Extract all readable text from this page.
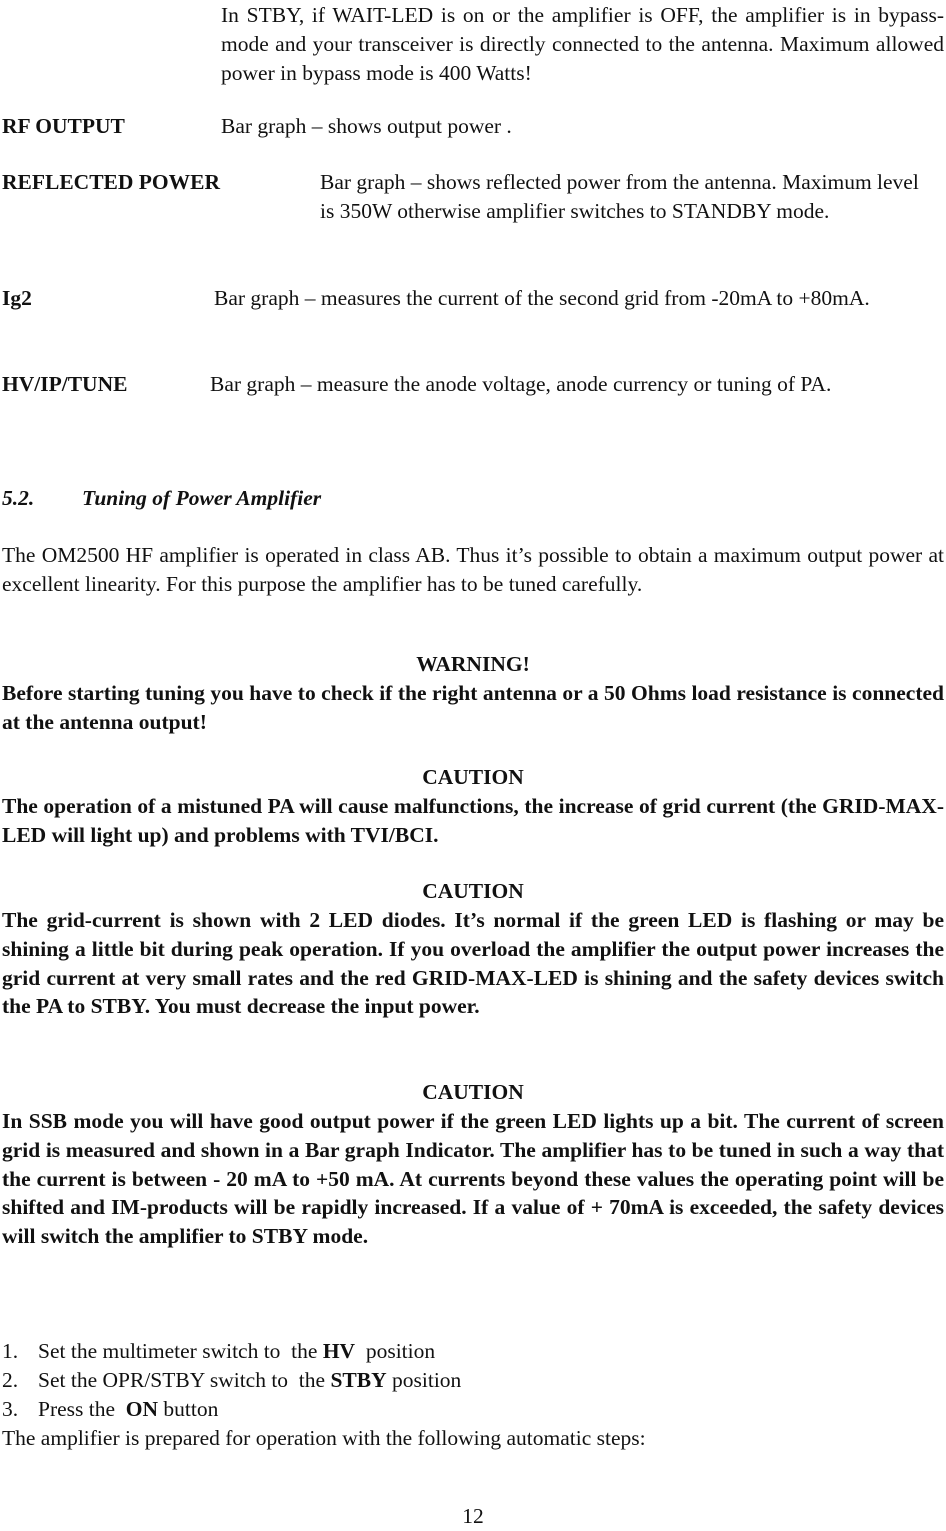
In STBY, if WAIT-LED is on or the amplifier is OFF, the amplifier is in bypass-mode and your transceiver is directly connected to the antenna. Maximum allowed power in bypass mode is 400 Watts!
RF OUTPUT	Bar graph – shows output power .
REFLECTED POWER	Bar graph – shows reflected power from the antenna. Maximum level is 350W otherwise amplifier switches to STANDBY mode.
Ig2	Bar graph – measures the current of the second grid from -20mA to +80mA.
HV/IP/TUNE	Bar graph – measure the anode voltage, anode currency or tuning of PA.
5.2. Tuning of Power Amplifier
The OM2500 HF amplifier is operated in class AB. Thus it’s possible to obtain a maximum output power at excellent linearity. For this purpose the amplifier has to be tuned carefully.
WARNING!
Before starting tuning you have to check if the right antenna or a 50 Ohms load resistance is connected at the antenna output!
CAUTION
The operation of a mistuned PA will cause malfunctions, the increase of grid current (the GRID-MAX-LED will light up) and problems with TVI/BCI.
CAUTION
The grid-current is shown with 2 LED diodes. It’s normal if the green LED is flashing or may be shining a little bit during peak operation. If you overload the amplifier the output power increases the grid current at very small rates and the red GRID-MAX-LED is shining and the safety devices switch the PA to STBY. You must decrease the input power.
CAUTION
In SSB mode you will have good output power if the green LED lights up a bit. The current of screen grid is measured and shown in a Bar graph Indicator. The amplifier has to be tuned in such a way that the current is between - 20 mA to +50 mA. At currents beyond these values the operating point will be shifted and IM-products will be rapidly increased. If a value of + 70mA is exceeded, the safety devices will switch the amplifier to STBY mode.
1. Set the multimeter switch to  the HV  position
2. Set the OPR/STBY switch to  the STBY position
3. Press the  ON button
The amplifier is prepared for operation with the following automatic steps:
12
